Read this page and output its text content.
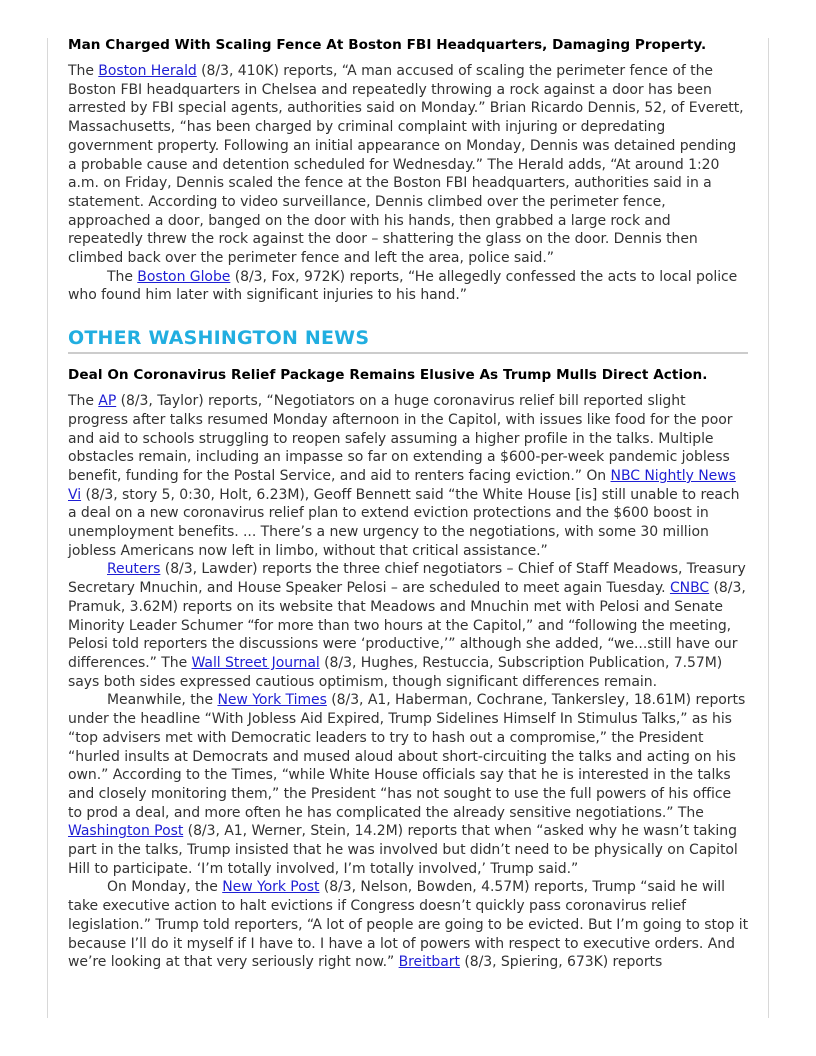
Man Charged With Scaling Fence At Boston FBI Headquarters, Damaging Property.

The Boston Herald (8/3, 410K) reports, “A man accused of scaling the perimeter fence of the Boston FBI headquarters in Chelsea and repeatedly throwing a rock against a door has been arrested by FBI special agents, authorities said on Monday.” Brian Ricardo Dennis, 52, of Everett, Massachusetts, “has been charged by criminal complaint with injuring or depredating government property. Following an initial appearance on Monday, Dennis was detained pending a probable cause and detention scheduled for Wednesday.” The Herald adds, “At around 1:20 a.m. on Friday, Dennis scaled the fence at the Boston FBI headquarters, authorities said in a statement. According to video surveillance, Dennis climbed over the perimeter fence, approached a door, banged on the door with his hands, then grabbed a large rock and repeatedly threw the rock against the door – shattering the glass on the door. Dennis then climbed back over the perimeter fence and left the area, police said.”

The Boston Globe (8/3, Fox, 972K) reports, “He allegedly confessed the acts to local police who found him later with significant injuries to his hand.”

OTHER WASHINGTON NEWS
Deal On Coronavirus Relief Package Remains Elusive As Trump Mulls Direct Action.

The AP (8/3, Taylor) reports, “Negotiators on a huge coronavirus relief bill reported slight progress after talks resumed Monday afternoon in the Capitol, with issues like food for the poor and aid to schools struggling to reopen safely assuming a higher profile in the talks. Multiple obstacles remain, including an impasse so far on extending a $600-per-week pandemic jobless benefit, funding for the Postal Service, and aid to renters facing eviction.” On NBC Nightly News Vi (8/3, story 5, 0:30, Holt, 6.23M), Geoff Bennett said “the White House [is] still unable to reach a deal on a new coronavirus relief plan to extend eviction protections and the $600 boost in unemployment benefits. ... There’s a new urgency to the negotiations, with some 30 million jobless Americans now left in limbo, without that critical assistance.”

Reuters (8/3, Lawder) reports the three chief negotiators – Chief of Staff Meadows, Treasury Secretary Mnuchin, and House Speaker Pelosi – are scheduled to meet again Tuesday. CNBC (8/3, Pramuk, 3.62M) reports on its website that Meadows and Mnuchin met with Pelosi and Senate Minority Leader Schumer “for more than two hours at the Capitol,” and “following the meeting, Pelosi told reporters the discussions were ‘productive,’” although she added, “we...still have our differences.” The Wall Street Journal (8/3, Hughes, Restuccia, Subscription Publication, 7.57M) says both sides expressed cautious optimism, though significant differences remain.

Meanwhile, the New York Times (8/3, A1, Haberman, Cochrane, Tankersley, 18.61M) reports under the headline “With Jobless Aid Expired, Trump Sidelines Himself In Stimulus Talks,” as his “top advisers met with Democratic leaders to try to hash out a compromise,” the President “hurled insults at Democrats and mused aloud about short-circuiting the talks and acting on his own.” According to the Times, “while White House officials say that he is interested in the talks and closely monitoring them,” the President “has not sought to use the full powers of his office to prod a deal, and more often he has complicated the already sensitive negotiations.” The Washington Post (8/3, A1, Werner, Stein, 14.2M) reports that when “asked why he wasn’t taking part in the talks, Trump insisted that he was involved but didn’t need to be physically on Capitol Hill to participate. ‘I’m totally involved, I’m totally involved,’ Trump said.”

On Monday, the New York Post (8/3, Nelson, Bowden, 4.57M) reports, Trump “said he will take executive action to halt evictions if Congress doesn’t quickly pass coronavirus relief legislation.” Trump told reporters, “A lot of people are going to be evicted. But I’m going to stop it because I’ll do it myself if I have to. I have a lot of powers with respect to executive orders. And we’re looking at that very seriously right now.” Breitbart (8/3, Spiering, 673K) reports
